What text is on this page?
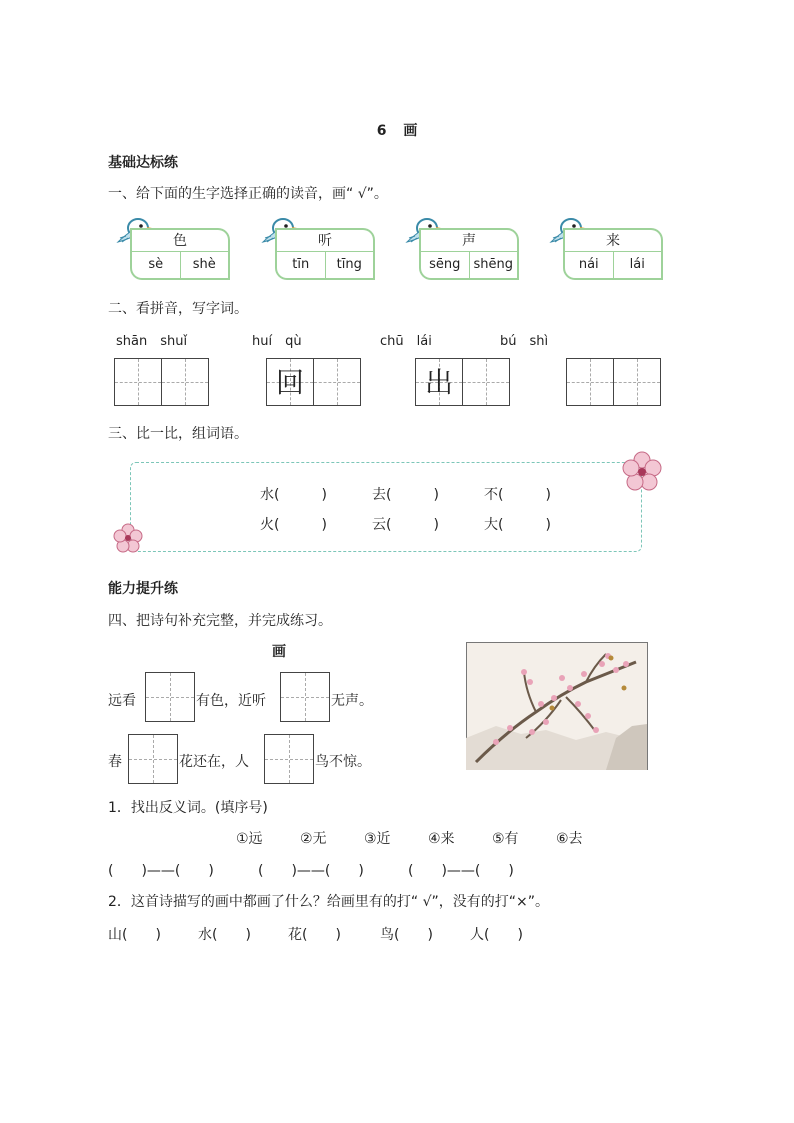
6 画
基础达标练
一、给下面的生字选择正确的读音，画“ √”。
色
sè	shè
听
tīn	tīng
声
sēng	shēng
来
nái	lái
二、看拼音，写字词。
shān　shuǐ	huí　qù	chū　lái	bú　shì
回	出
三、比一比，组词语。
水(　　　)	去(　　　)	不(　　　)
火(　　　)	云(　　　)	大(　　　)
能力提升练
四、把诗句补充完整，并完成练习。
画
远看	有色，近听	无声。
春	花还在，人	鸟不惊。
1．找出反义词。(填序号)
①远	②无	③近	④来	⑤有	⑥去
(　　)——(　　)	(　　)——(　　)	(　　)——(　　)
2．这首诗描写的画中都画了什么？给画里有的打“ √”，没有的打“×”。
山(　　)	水(　　)	花(　　)	鸟(　　)	人(　　)
